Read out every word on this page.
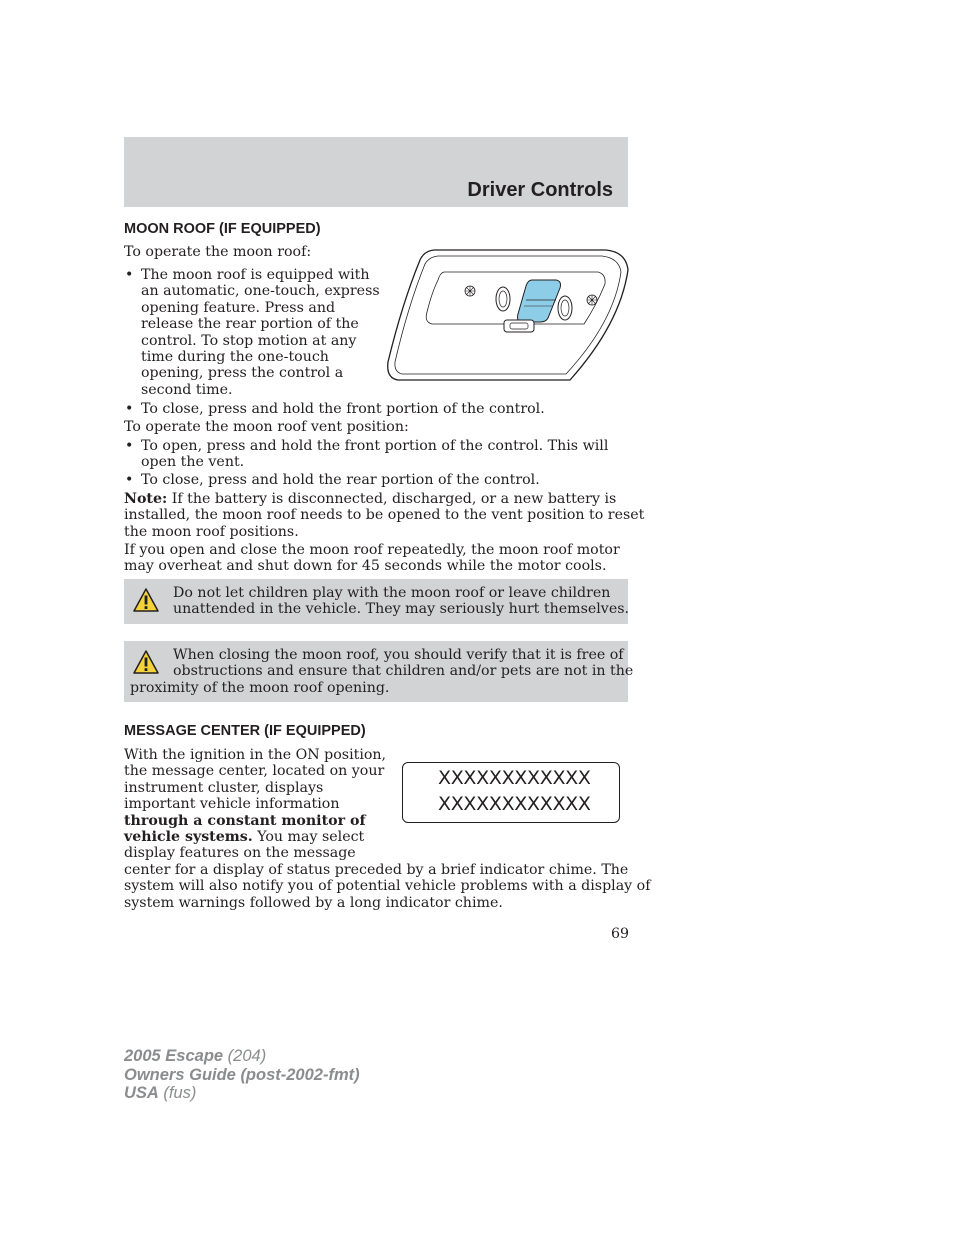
Driver Controls
MOON ROOF (IF EQUIPPED)

To operate the moon roof:

• The moon roof is equipped with
an automatic, one-touch, express
opening feature. Press and
release the rear portion of the
control. To stop motion at any
time during the one-touch
opening, press the control a
second time.
• To close, press and hold the front portion of the control.

To operate the moon roof vent position:

• To open, press and hold the front portion of the control. This will
open the vent.
• To close, press and hold the rear portion of the control.
Note: If the battery is disconnected, discharged, or a new battery is
installed, the moon roof needs to be opened to the vent position to reset
the moon roof positions.
If you open and close the moon roof repeatedly, the moon roof motor
may overheat and shut down for 45 seconds while the motor cools.
Do not let children play with the moon roof or leave children
unattended in the vehicle. They may seriously hurt themselves.
When closing the moon roof, you should verify that it is free of
obstructions and ensure that children and/or pets are not in the
proximity of the moon roof opening.
MESSAGE CENTER (IF EQUIPPED)
With the ignition in the ON position,
the message center, located on your
instrument cluster, displays
important vehicle information
through a constant monitor of
vehicle systems. You may select
display features on the message
center for a display of status preceded by a brief indicator chime. The
system will also notify you of potential vehicle problems with a display of
system warnings followed by a long indicator chime.
XXXXXXXXXXXX
XXXXXXXXXXXX
69
2005 Escape (204)
Owners Guide (post-2002-fmt)
USA (fus)
